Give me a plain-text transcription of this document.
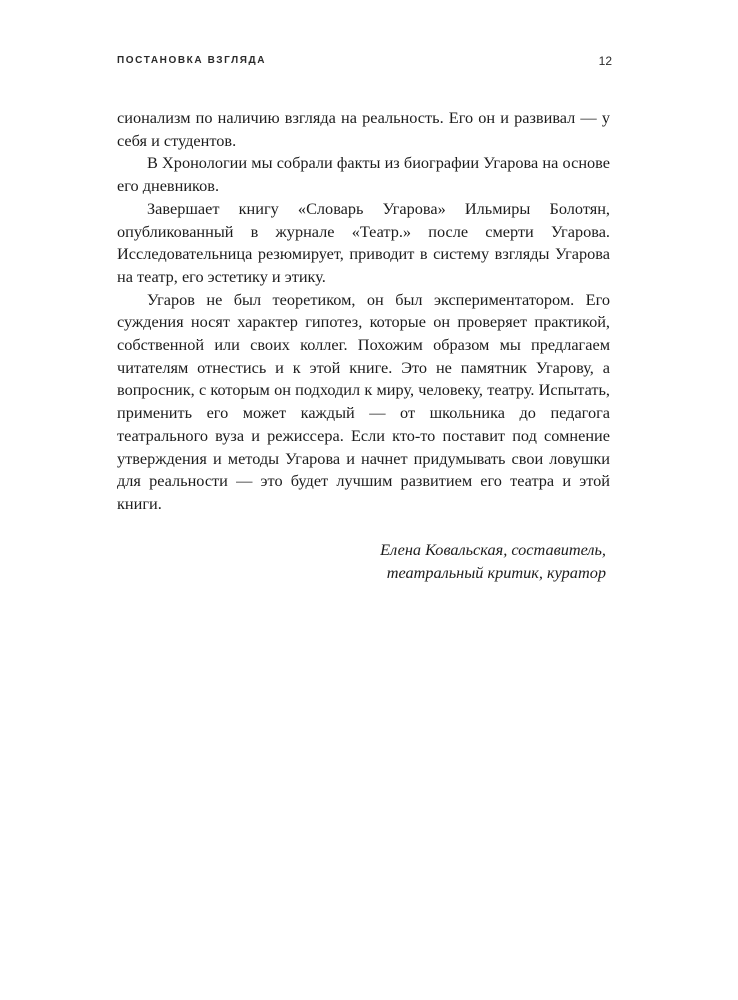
ПОСТАНОВКА ВЗГЛЯДА	12

сионализм по наличию взгляда на реальность. Его он и развивал — у себя и студентов.

В Хронологии мы собрали факты из биографии Угарова на основе его дневников.

Завершает книгу «Словарь Угарова» Ильмиры Болотян, опубликованный в журнале «Театр.» после смерти Угарова. Исследовательница резюмирует, приводит в систему взгляды Угарова на театр, его эстетику и этику.

Угаров не был теоретиком, он был экспериментатором. Его суждения носят характер гипотез, которые он проверяет практикой, собственной или своих коллег. Похожим образом мы предлагаем читателям отнестись и к этой книге. Это не памятник Угарову, а вопросник, с которым он подходил к миру, человеку, театру. Испытать, применить его может каждый — от школьника до педагога театрального вуза и режиссера. Если кто-то поставит под сомнение утверждения и методы Угарова и начнет придумывать свои ловушки для реальности — это будет лучшим развитием его театра и этой книги.

Елена Ковальская, составитель,
театральный критик, куратор
